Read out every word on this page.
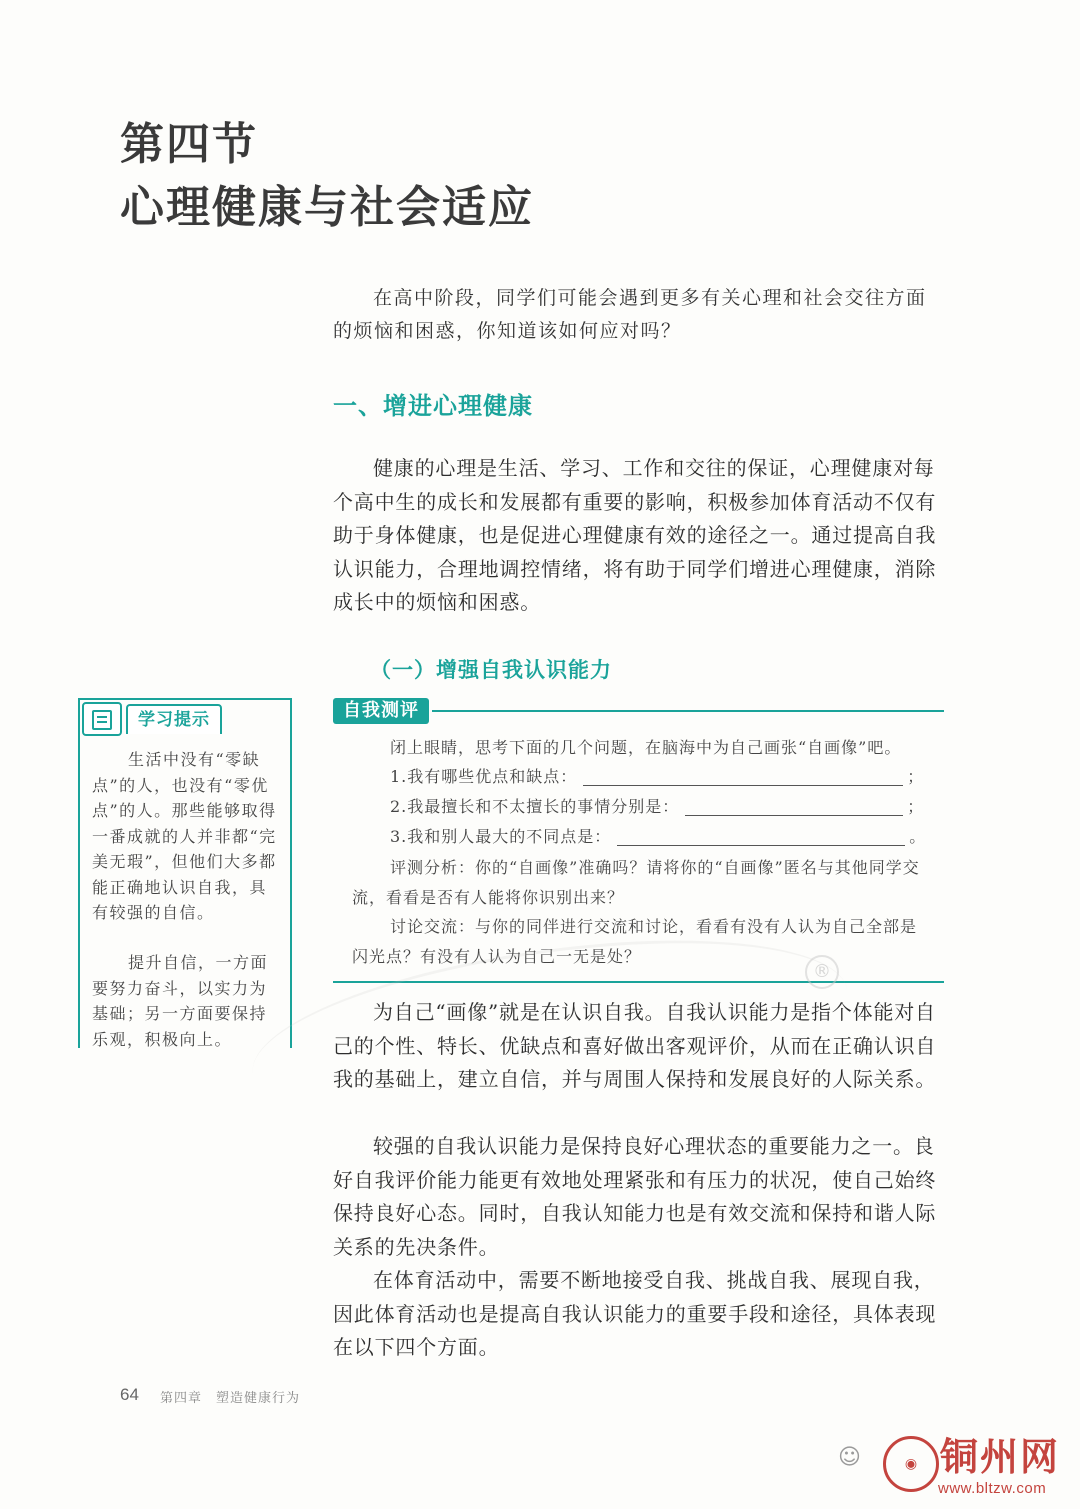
第四节
心理健康与社会适应

在高中阶段，同学们可能会遇到更多有关心理和社会交往方面的烦恼和困惑，你知道该如何应对吗？

一、增进心理健康

健康的心理是生活、学习、工作和交往的保证，心理健康对每个高中生的成长和发展都有重要的影响，积极参加体育活动不仅有助于身体健康，也是促进心理健康有效的途径之一。通过提高自我认识能力，合理地调控情绪，将有助于同学们增进心理健康，消除成长中的烦恼和困惑。

（一）增强自我认识能力
学习提示

生活中没有“零缺点”的人，也没有“零优点”的人。那些能够取得一番成就的人并非都“完美无瑕”，但他们大多都能正确地认识自我，具有较强的自信。

提升自信，一方面要努力奋斗，以实力为基础；另一方面要保持乐观，积极向上。

自我测评
闭上眼睛，思考下面的几个问题，在脑海中为自己画张“自画像”吧。
1.我有哪些优点和缺点：	；
2.我最擅长和不太擅长的事情分别是：	；
3.我和别人最大的不同点是：	。

评测分析：你的“自画像”准确吗？请将你的“自画像”匿名与其他同学交流，看看是否有人能将你识别出来？

讨论交流：与你的同伴进行交流和讨论，看看有没有人认为自己全部是闪光点？有没有人认为自己一无是处？

®

为自己“画像”就是在认识自我。自我认识能力是指个体能对自己的个性、特长、优缺点和喜好做出客观评价，从而在正确认识自我的基础上，建立自信，并与周围人保持和发展良好的人际关系。

较强的自我认识能力是保持良好心理状态的重要能力之一。良好自我评价能力能更有效地处理紧张和有压力的状况，使自己始终保持良好心态。同时，自我认知能力也是有效交流和保持和谐人际关系的先决条件。

在体育活动中，需要不断地接受自我、挑战自我、展现自我，因此体育活动也是提高自我认识能力的重要手段和途径，具体表现在以下四个方面。

64 第四章 塑造健康行为
☺	◉ 铜州网
www.bltzw.com
